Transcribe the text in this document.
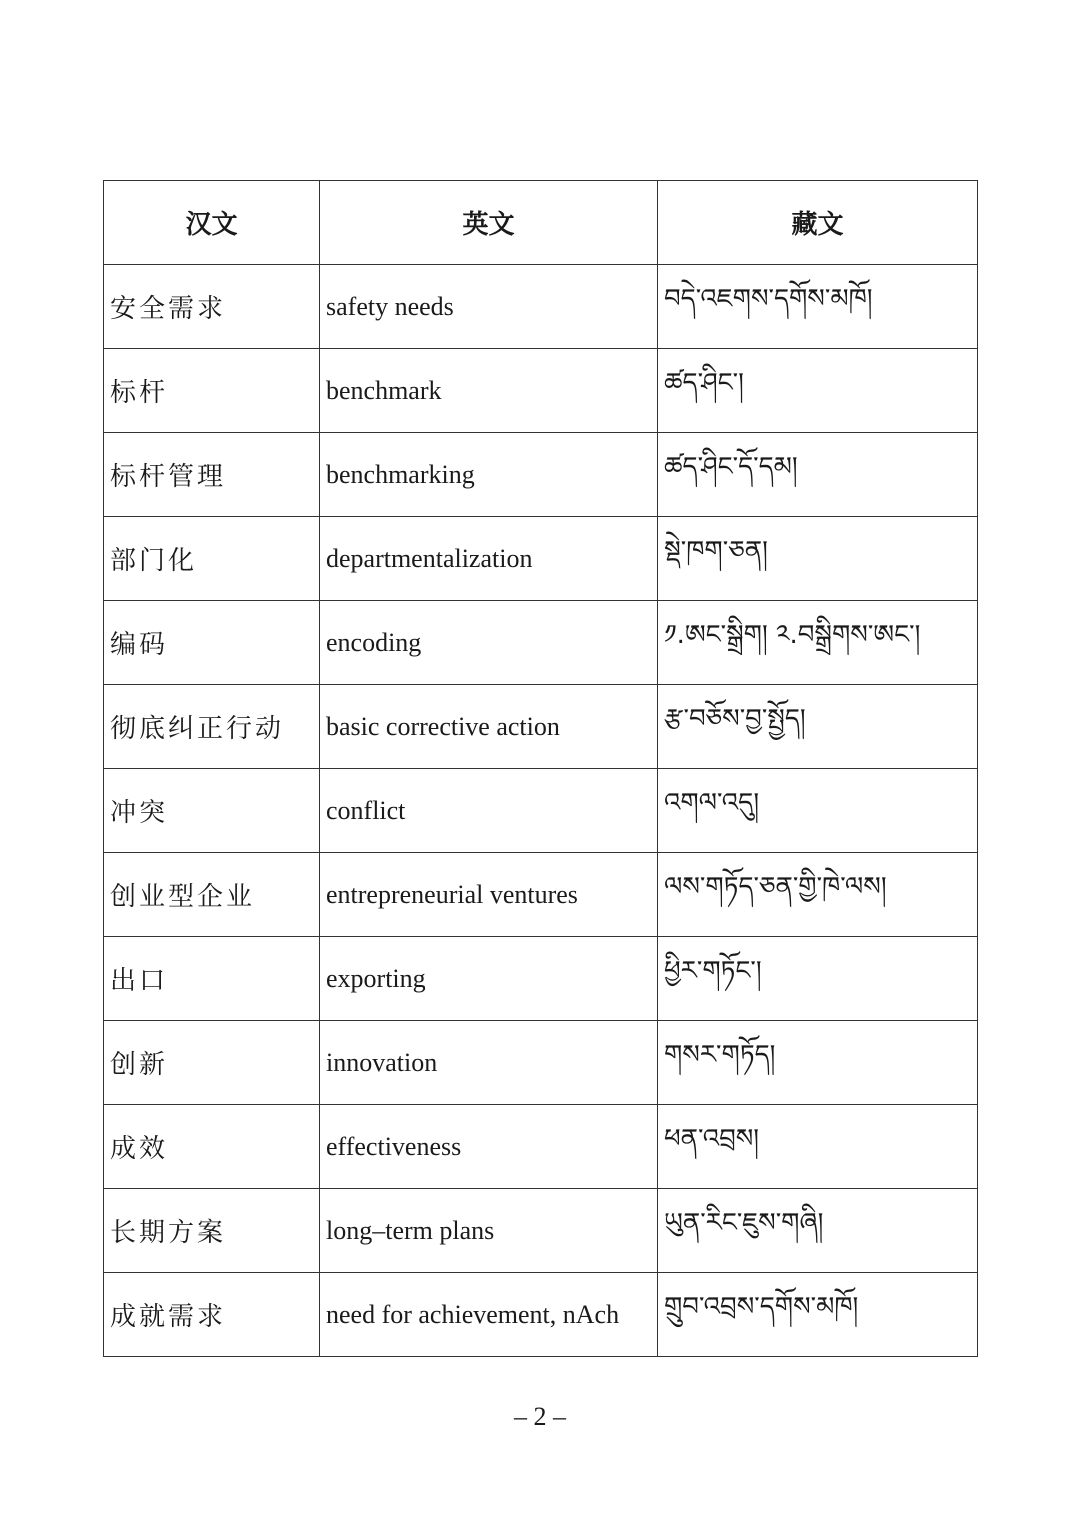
汉文	英文	藏文
安全需求	safety needs	བདེ་འཇགས་དགོས་མཁོ།
标杆	benchmark	ཚད་ཤིང་།
标杆管理	benchmarking	ཚད་ཤིང་དོ་དམ།
部门化	departmentalization	སྡེ་ཁག་ཅན།
编码	encoding	༡.ཨང་སྒྲིག། ༢.བསྒྲིགས་ཨང་།
彻底纠正行动	basic corrective action	རྩ་བཅོས་བྱ་སྤྱོད།
冲突	conflict	འགལ་འདུ།
创业型企业	entrepreneurial ventures	ལས་གཏོད་ཅན་གྱི་ཁེ་ལས།
出口	exporting	ཕྱིར་གཏོང་།
创新	innovation	གསར་གཏོད།
成效	effectiveness	ཕན་འབྲས།
长期方案	long–term plans	ཡུན་རིང་ཇུས་གཞི།
成就需求	need for achievement, nAch	གྲུབ་འབྲས་དགོས་མཁོ།
– 2 –
